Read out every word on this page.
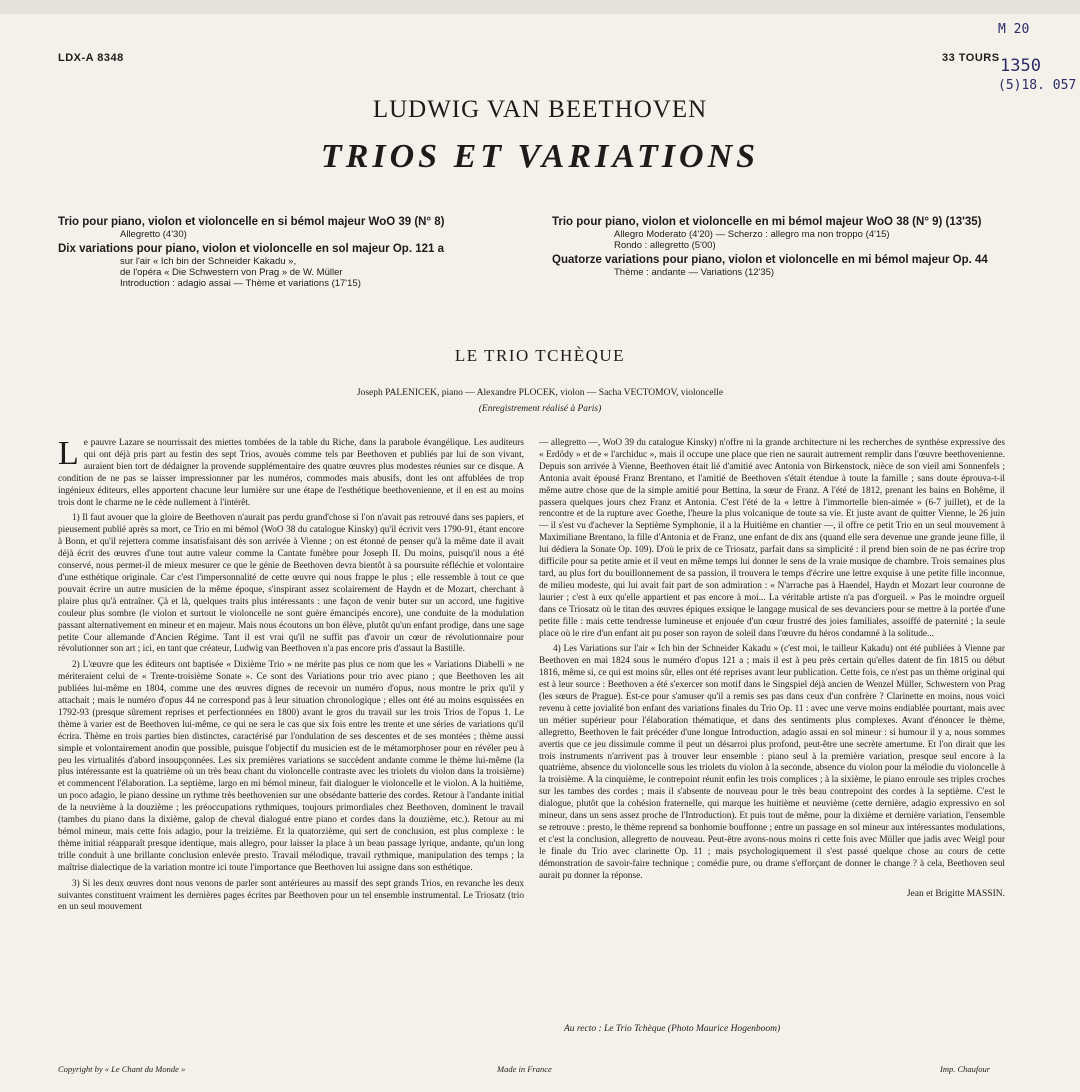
LDX-A 8348	33 TOURS
M 20
1350
(5)18. 057
LUDWIG VAN BEETHOVEN
TRIOS ET VARIATIONS
Trio pour piano, violon et violoncelle en si bémol majeur WoO 39 (N° 8)
Allegretto (4'30)
Dix variations pour piano, violon et violoncelle en sol majeur Op. 121 a
sur l'air « Ich bin der Schneider Kakadu »,
de l'opéra « Die Schwestern von Prag » de W. Müller
Introduction : adagio assai — Thème et variations (17'15)
Trio pour piano, violon et violoncelle en mi bémol majeur WoO 38 (N° 9) (13'35)
Allegro Moderato (4'20) — Scherzo : allegro ma non troppo (4'15)
Rondo : allegretto (5'00)
Quatorze variations pour piano, violon et violoncelle en mi bémol majeur Op. 44
Thème : andante — Variations (12'35)
LE TRIO TCHÈQUE
Joseph PALENICEK, piano — Alexandre PLOCEK, violon — Sacha VECTOMOV, violoncelle
(Enregistrement réalisé à Paris)

Le pauvre Lazare se nourrissait des miettes tombées de la table du Riche, dans la parabole évangélique. Les auditeurs qui ont déjà pris part au festin des sept Trios, avouès comme tels par Beethoven et publiés par lui de son vivant, auraient bien tort de dédaigner la provende supplémentaire des quatre œuvres plus modestes réunies sur ce disque. A condition de ne pas se laisser impressionner par les numéros, commodes mais abusifs, dont les ont affublées de trop ingénieux éditeurs, elles apportent chacune leur lumière sur une étape de l'esthétique beethovenienne, et il en est au moins trois dont le charme ne le cède nullement à l'intérêt.

1) Il faut avouer que la gloire de Beethoven n'aurait pas perdu grand'chose si l'on n'avait pas retrouvé dans ses papiers, et pieusement publié après sa mort, ce Trio en mi bémol (WoO 38 du catalogue Kinsky) qu'il écrivit vers 1790-91, étant encore à Bonn, et qu'il rejettera comme insatisfaisant dès son arrivée à Vienne ; on est étonné de penser qu'à la même date il avait déjà écrit des œuvres d'une tout autre valeur comme la Cantate funèbre pour Joseph II. Du moins, puisqu'il nous a été conservé, nous permet-il de mieux mesurer ce que le génie de Beethoven devra bientôt à sa poursuite réfléchie et volontaire d'une esthétique originale. Car c'est l'impersonnalité de cette œuvre qui nous frappe le plus ; elle ressemble à tout ce que pouvait écrire un autre musicien de la même époque, s'inspirant assez scolairement de Haydn et de Mozart, cherchant à plaire plus qu'à entraîner. Çà et là, quelques traits plus intéressants : une façon de venir buter sur un accord, une fugitive couleur plus sombre (le violon et surtout le violoncelle ne sont guère émancipés encore), une conduite de la modulation passant alternativement en mineur et en majeur. Mais nous écoutons un bon élève, plutôt qu'un enfant prodige, dans une sage petite Cour allemande d'Ancien Régime. Tant il est vrai qu'il ne suffit pas d'avoir un cœur de révolutionnaire pour révolutionner son art ; ici, en tant que créateur, Ludwig van Beethoven n'a pas encore pris d'assaut la Bastille.

2) L'œuvre que les éditeurs ont baptisée « Dixième Trio » ne mérite pas plus ce nom que les « Variations Diabelli » ne mériteraient celui de « Trente-troisième Sonate ». Ce sont des Variations pour trio avec piano ; que Beethoven les ait publiées lui-même en 1804, comme une des œuvres dignes de recevoir un numéro d'opus, nous montre le prix qu'il y attachait ; mais le numéro d'opus 44 ne correspond pas à leur situation chronologique ; elles ont été au moins esquissées en 1792-93 (presque sûrement reprises et perfectionnées en 1800) avant le gros du travail sur les trois Trios de l'opus 1. Le thème à varier est de Beethoven lui-même, ce qui ne sera le cas que six fois entre les trente et une séries de variations qu'il écrira. Thème en trois parties bien distinctes, caractérisé par l'ondulation de ses descentes et de ses montées ; thème aussi simple et volontairement anodin que possible, puisque l'objectif du musicien est de le métamorphoser pour en révéler peu à peu les virtualités d'abord insoupçonnées. Les six premières variations se succèdent andante comme le thème lui-même (la plus intéressante est la quatrième où un très beau chant du violoncelle contraste avec les triolets du violon dans la troisième) et commencent l'élaboration. La septième, largo en mi bémol mineur, fait dialoguer le violoncelle et le violon. A la huitième, un poco adagio, le piano dessine un rythme très beethovenien sur une obsédante batterie des cordes. Retour à l'andante initial de la neuvième à la douzième ; les préoccupations rythmiques, toujours primordiales chez Beethoven, dominent le travail (tambes du piano dans la dixième, galop de cheval dialogué entre piano et cordes dans la douzième, etc.). Retour au mi bémol mineur, mais cette fois adagio, pour la treizième. Et la quatorzième, qui sert de conclusion, est plus complexe : le thème initial réapparaît presque identique, mais allegro, pour laisser la place à un beau passage lyrique, andante, qu'un long trille conduit à une brillante conclusion enlevée presto. Travail mélodique, travail rythmique, manipulation des temps ; la maîtrise dialectique de la variation montre ici toute l'importance que Beethoven lui assigne dans son esthétique.

3) Si les deux œuvres dont nous venons de parler sont antérieures au massif des sept grands Trios, en revanche les deux suivantes constituent vraiment les dernières pages écrites par Beethoven pour un tel ensemble instrumental. Le Triosatz (trio en un seul mouvement

— allegretto —, WoO 39 du catalogue Kinsky) n'offre ni la grande architecture ni les recherches de synthèse expressive des « Erdödy » et de « l'archiduc », mais il occupe une place que rien ne saurait autrement remplir dans l'œuvre beethovenienne. Depuis son arrivée à Vienne, Beethoven était lié d'amitié avec Antonia von Birkenstock, nièce de son vieil ami Sonnenfels ; Antonia avait épousé Franz Brentano, et l'amitié de Beethoven s'était étendue à toute la famille ; sans doute éprouva-t-il même autre chose que de la simple amitié pour Bettina, la sœur de Franz. A l'été de 1812, prenant les bains en Bohême, il passera quelques jours chez Franz et Antonia. C'est l'été de la « lettre à l'immortelle bien-aimée » (6-7 juillet), et de la rencontre et de la rupture avec Goethe, l'heure la plus volcanique de toute sa vie. Et juste avant de quitter Vienne, le 26 juin — il s'est vu d'achever la Septième Symphonie, il a la Huitième en chantier —, il offre ce petit Trio en un seul mouvement à Maximiliane Brentano, la fille d'Antonia et de Franz, une enfant de dix ans (quand elle sera devenue une grande jeune fille, il lui dédiera la Sonate Op. 109). D'où le prix de ce Triosatz, parfait dans sa simplicité : il prend bien soin de ne pas écrire trop difficile pour sa petite amie et il veut en même temps lui donner le sens de la vraie musique de chambre. Trois semaines plus tard, au plus fort du bouillonnement de sa passion, il trouvera le temps d'écrire une lettre exquise à une petite fille inconnue, de milieu modeste, qui lui avait fait part de son admiration : « N'arrache pas à Haendel, Haydn et Mozart leur couronne de laurier ; c'est à eux qu'elle appartient et pas encore à moi... La véritable artiste n'a pas d'orgueil. » Pas le moindre orgueil dans ce Triosatz où le titan des œuvres épiques exsique le langage musical de ses devanciers pour se mettre à la portée d'une petite fille : mais cette tendresse lumineuse et enjouée d'un cœur frustré des joies familiales, assoiffé de paternité ; la seule place où le rire d'un enfant ait pu poser son rayon de soleil dans l'œuvre du héros condamné à la solitude...

4) Les Variations sur l'air « Ich bin der Schneider Kakadu » (c'est moi, le tailleur Kakadu) ont été publiées à Vienne par Beethoven en mai 1824 sous le numéro d'opus 121 a ; mais il est à peu près certain qu'elles datent de fin 1815 ou début 1816, même si, ce qui est moins sûr, elles ont été reprises avant leur publication. Cette fois, ce n'est pas un thème original qui est à leur source : Beethoven a été s'exercer son motif dans le Singspiel déjà ancien de Wenzel Müller, Schwestern von Prag (les sœurs de Prague). Est-ce pour s'amuser qu'il a remis ses pas dans ceux d'un confrère ? Clarinette en moins, nous voici revenu à cette jovialité bon enfant des variations finales du Trio Op. 11 : avec une verve moins endiablée pourtant, mais avec un métier supérieur pour l'élaboration thématique, et dans des sentiments plus complexes. Avant d'énoncer le thème, allegretto, Beethoven le fait précéder d'une longue Introduction, adagio assai en sol mineur : si humour il y a, nous sommes avertis que ce jeu dissimule comme il peut un désarroi plus profond, peut-être une secrète amertume. Et l'on dirait que les trois instruments n'arrivent pas à trouver leur ensemble : piano seul à la première variation, presque seul encore à la quatrième, absence du violoncelle sous les triolets du violon à la seconde, absence du violon pour la mélodie du violoncelle à la troisième. A la cinquième, le contrepoint réunit enfin les trois complices ; à la sixième, le piano enroule ses triples croches sur les tambes des cordes ; mais il s'absente de nouveau pour le très beau contrepoint des cordes à la septième. C'est le dialogue, plutôt que la cohésion fraternelle, qui marque les huitième et neuvième (cette dernière, adagio expressivo en sol mineur, dans un sens assez proche de l'Introduction). Et puis tout de même, pour la dixième et dernière variation, l'ensemble se retrouve : presto, le thème reprend sa bonhomie bouffonne ; entre un passage en sol mineur aux intéressantes modulations, et c'est la conclusion, allegretto de nouveau. Peut-être avons-nous moins ri cette fois avec Müller que jadis avec Weigl pour le finale du Trio avec clarinette Op. 11 ; mais psychologiquement il s'est passé quelque chose au cours de cette démonstration de savoir-faire technique ; comédie pure, ou drame s'efforçant de donner le change ? à cela, Beethoven seul aurait pu donner la réponse.

Jean et Brigitte MASSIN.
Au recto : Le Trio Tchèque (Photo Maurice Hogenboom)
Copyright by « Le Chant du Monde »	Made in France	Imp. Chaufour
